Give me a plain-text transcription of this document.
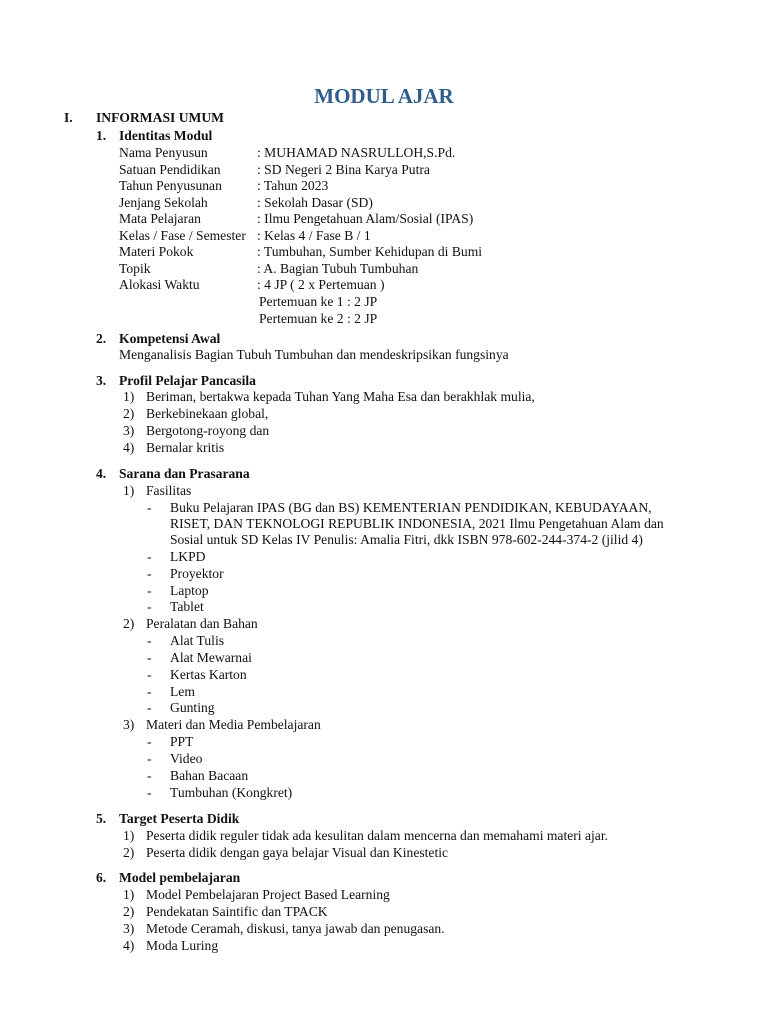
MODUL AJAR
I. INFORMASI UMUM
1. Identitas Modul
Nama Penyusun	: MUHAMAD NASRULLOH,S.Pd.
Satuan Pendidikan	: SD Negeri 2 Bina Karya Putra
Tahun Penyusunan	: Tahun 2023
Jenjang Sekolah	: Sekolah Dasar (SD)
Mata Pelajaran	: Ilmu Pengetahuan Alam/Sosial (IPAS)
Kelas / Fase / Semester : Kelas 4 / Fase B / 1
Materi Pokok	: Tumbuhan, Sumber Kehidupan di Bumi
Topik	: A. Bagian Tubuh Tumbuhan
Alokasi Waktu	: 4 JP ( 2 x Pertemuan )
Pertemuan ke 1 : 2 JP
Pertemuan ke 2 : 2 JP
2. Kompetensi Awal
Menganalisis Bagian Tubuh Tumbuhan dan mendeskripsikan fungsinya
3. Profil Pelajar Pancasila
1) Beriman, bertakwa kepada Tuhan Yang Maha Esa dan berakhlak mulia,
2) Berkebinekaan global,
3) Bergotong-royong dan
4) Bernalar kritis
4. Sarana dan Prasarana
1) Fasilitas
- Buku Pelajaran IPAS (BG dan BS) KEMENTERIAN PENDIDIKAN, KEBUDAYAAN,
RISET, DAN TEKNOLOGI REPUBLIK INDONESIA, 2021 Ilmu Pengetahuan Alam dan
Sosial untuk SD Kelas IV Penulis: Amalia Fitri, dkk ISBN 978-602-244-374-2 (jilid 4)
- LKPD
- Proyektor
- Laptop
- Tablet
2) Peralatan dan Bahan
- Alat Tulis
- Alat Mewarnai
- Kertas Karton
- Lem
- Gunting
3) Materi dan Media Pembelajaran
- PPT
- Video
- Bahan Bacaan
- Tumbuhan (Kongkret)
5. Target Peserta Didik
1) Peserta didik reguler tidak ada kesulitan dalam mencerna dan memahami materi ajar.
2) Peserta didik dengan gaya belajar Visual dan Kinestetic
6. Model pembelajaran
1) Model Pembelajaran Project Based Learning
2) Pendekatan Saintific dan TPACK
3) Metode Ceramah, diskusi, tanya jawab dan penugasan.
4) Moda Luring
